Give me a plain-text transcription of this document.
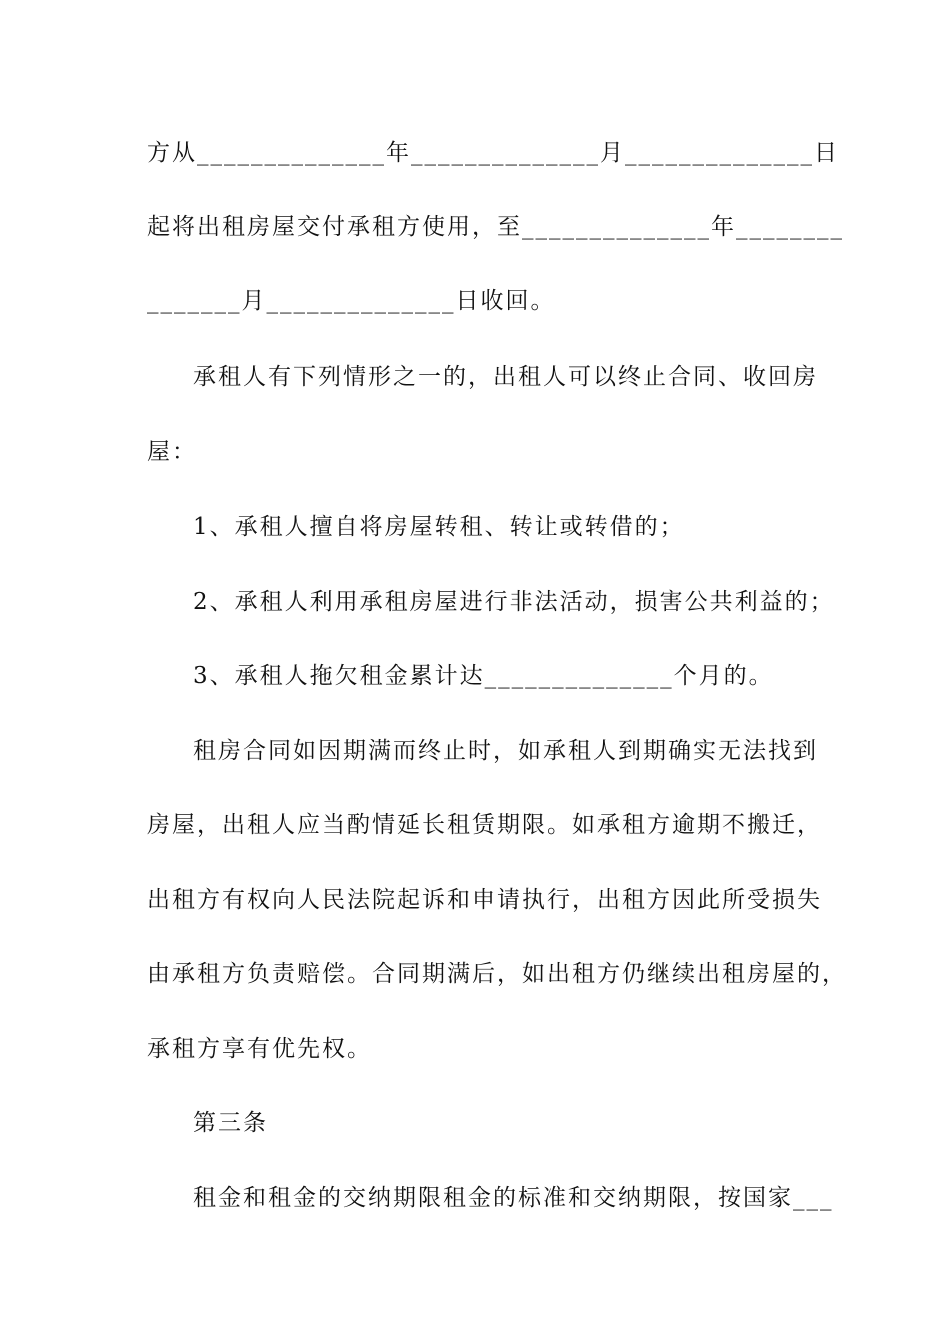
方从______________年______________月______________日
起将出租房屋交付承租方使用，至______________年________
_______月______________日收回。
承租人有下列情形之一的，出租人可以终止合同、收回房
屋：
1、承租人擅自将房屋转租、转让或转借的；
2、承租人利用承租房屋进行非法活动，损害公共利益的；
3、承租人拖欠租金累计达______________个月的。
租房合同如因期满而终止时，如承租人到期确实无法找到
房屋，出租人应当酌情延长租赁期限。如承租方逾期不搬迁，
出租方有权向人民法院起诉和申请执行，出租方因此所受损失
由承租方负责赔偿。合同期满后，如出租方仍继续出租房屋的，
承租方享有优先权。
第三条
租金和租金的交纳期限租金的标准和交纳期限，按国家___
